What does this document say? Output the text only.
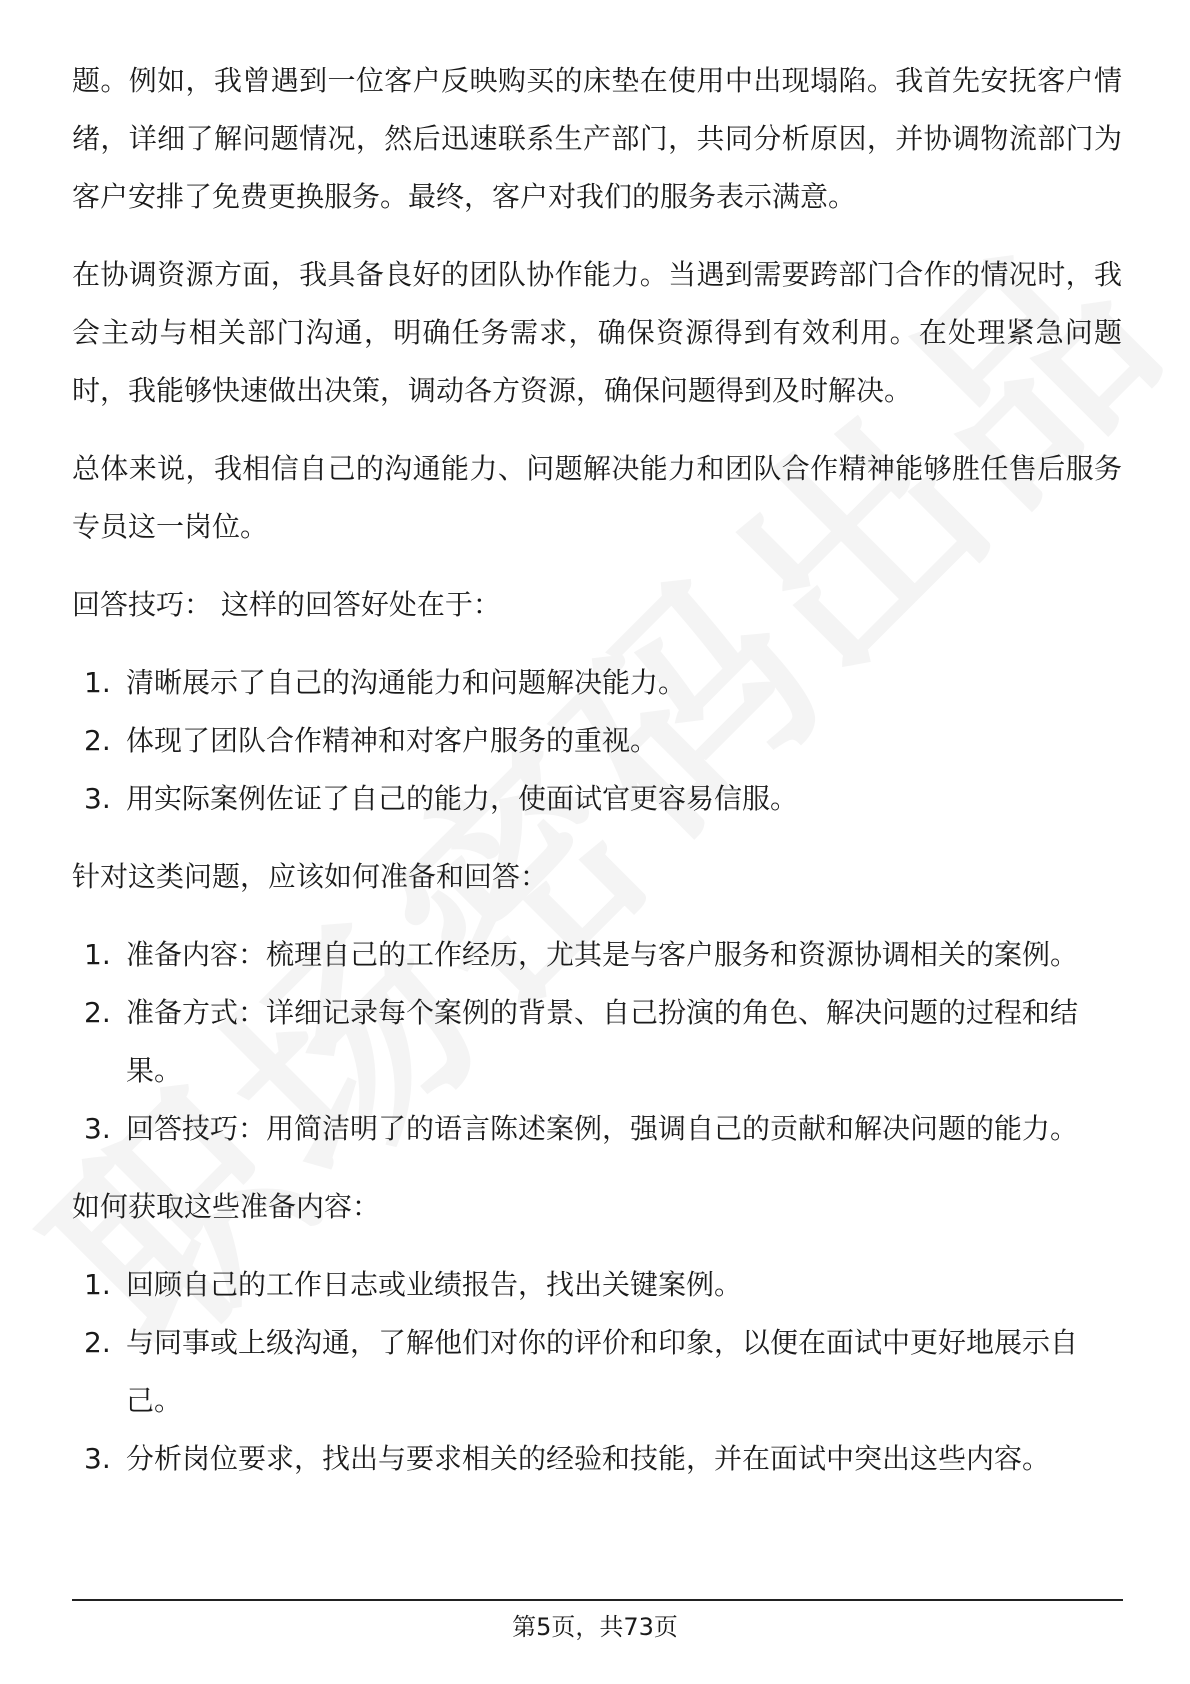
题。例如，我曾遇到一位客户反映购买的床垫在使用中出现塌陷。我首先安抚客户情绪，详细了解问题情况，然后迅速联系生产部门，共同分析原因，并协调物流部门为客户安排了免费更换服务。最终，客户对我们的服务表示满意。

在协调资源方面，我具备良好的团队协作能力。当遇到需要跨部门合作的情况时，我会主动与相关部门沟通，明确任务需求，确保资源得到有效利用。在处理紧急问题时，我能够快速做出决策，调动各方资源，确保问题得到及时解决。

总体来说，我相信自己的沟通能力、问题解决能力和团队合作精神能够胜任售后服务专员这一岗位。

回答技巧： 这样的回答好处在于：
1. 清晰展示了自己的沟通能力和问题解决能力。
2. 体现了团队合作精神和对客户服务的重视。
3. 用实际案例佐证了自己的能力，使面试官更容易信服。
针对这类问题，应该如何准备和回答：
1. 准备内容：梳理自己的工作经历，尤其是与客户服务和资源协调相关的案例。
2. 准备方式：详细记录每个案例的背景、自己扮演的角色、解决问题的过程和结果。
3. 回答技巧：用简洁明了的语言陈述案例，强调自己的贡献和解决问题的能力。
如何获取这些准备内容：
1. 回顾自己的工作日志或业绩报告，找出关键案例。
2. 与同事或上级沟通，了解他们对你的评价和印象，以便在面试中更好地展示自己。
3. 分析岗位要求，找出与要求相关的经验和技能，并在面试中突出这些内容。
第5页，共73页
